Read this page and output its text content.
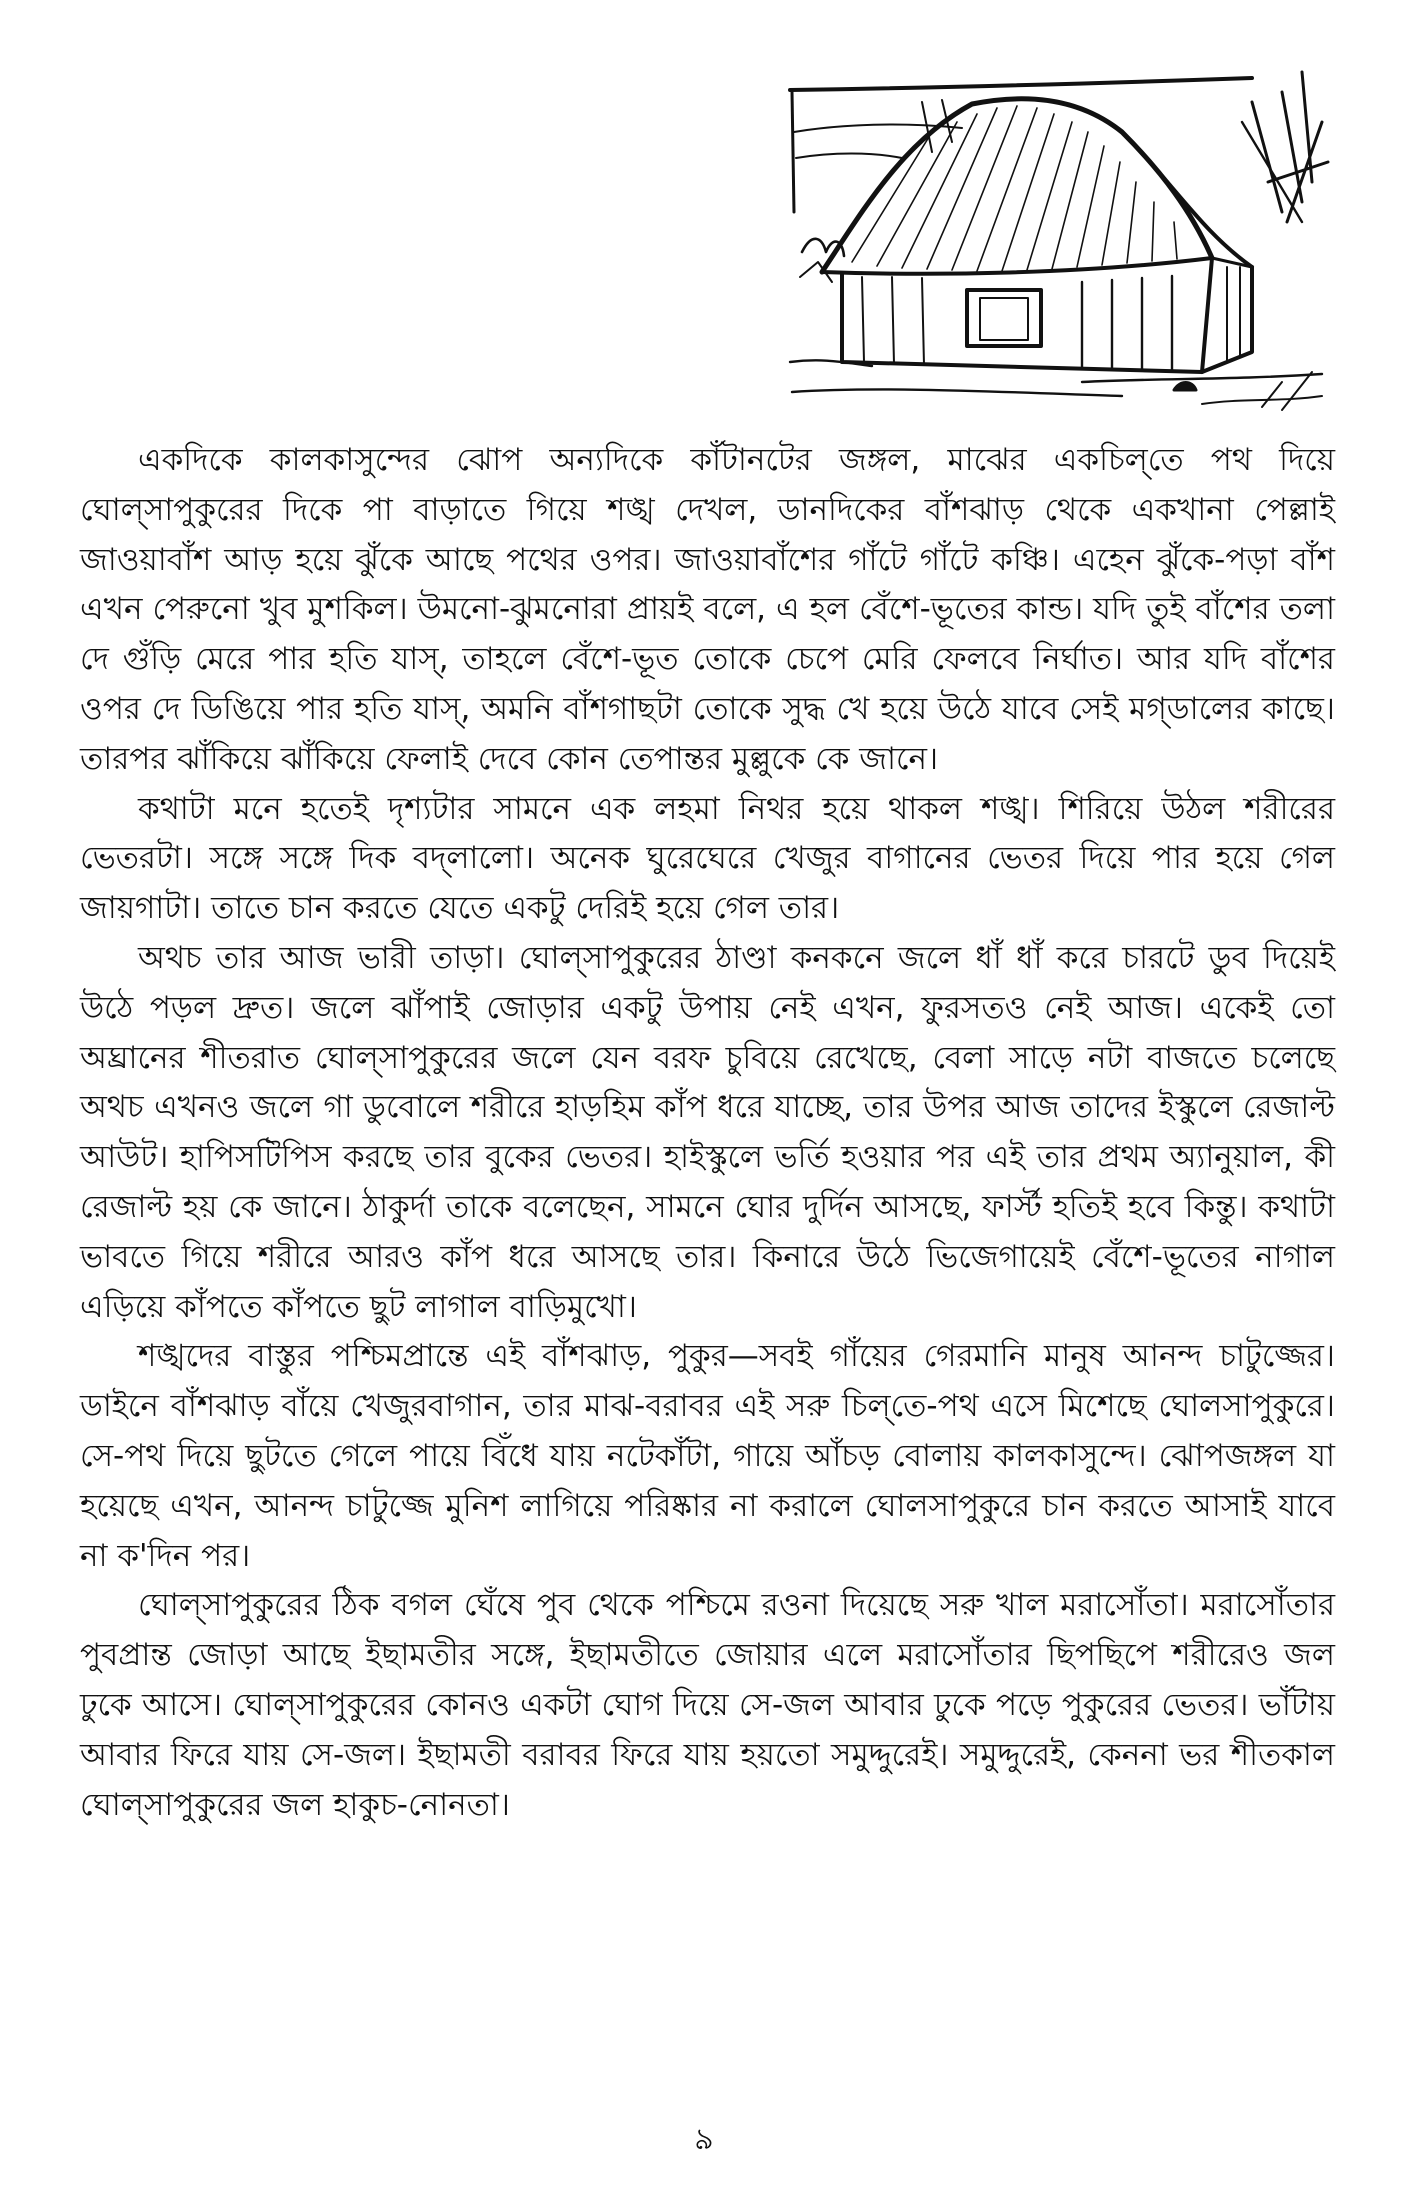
একদিকে কালকাসুন্দের ঝোপ অন্যদিকে কাঁটানটের জঙ্গল, মাঝের একচিল্‌তে পথ দিয়ে ঘোল্‌সাপুকুরের দিকে পা বাড়াতে গিয়ে শঙ্খ দেখল, ডানদিকের বাঁশঝাড় থেকে একখানা পেল্লাই জাওয়াবাঁশ আড় হয়ে ঝুঁকে আছে পথের ওপর। জাওয়াবাঁশের গাঁটে গাঁটে কঞ্চি। এহেন ঝুঁকে-পড়া বাঁশ এখন পেরুনো খুব মুশকিল। উমনো-ঝুমনোরা প্রায়ই বলে, এ হল বেঁশে-ভূতের কান্ড। যদি তুই বাঁশের তলা দে গুঁড়ি মেরে পার হতি যাস্‌, তাহলে বেঁশে-ভূত তোকে চেপে মেরি ফেলবে নির্ঘাত। আর যদি বাঁশের ওপর দে ডিঙিয়ে পার হতি যাস্‌, অমনি বাঁশগাছটা তোকে সুদ্ধ খে হয়ে উঠে যাবে সেই মগ্‌ডালের কাছে। তারপর ঝাঁকিয়ে ঝাঁকিয়ে ফেলাই দেবে কোন তেপান্তর মুল্লুকে কে জানে।

কথাটা মনে হতেই দৃশ্যটার সামনে এক লহমা নিথর হয়ে থাকল শঙ্খ। শিরিয়ে উঠল শরীরের ভেতরটা। সঙ্গে সঙ্গে দিক বদ্‌লালো। অনেক ঘুরেঘেরে খেজুর বাগানের ভেতর দিয়ে পার হয়ে গেল জায়গাটা। তাতে চান করতে যেতে একটু দেরিই হয়ে গেল তার।

অথচ তার আজ ভারী তাড়া। ঘোল্‌সাপুকুরের ঠাণ্ডা কনকনে জলে ধাঁ ধাঁ করে চারটে ডুব দিয়েই উঠে পড়ল দ্রুত। জলে ঝাঁপাই জোড়ার একটু উপায় নেই এখন, ফুরসতও নেই আজ। একেই তো অঘ্রানের শীতরাত ঘোল্‌সাপুকুরের জলে যেন বরফ চুবিয়ে রেখেছে, বেলা সাড়ে নটা বাজতে চলেছে অথচ এখনও জলে গা ডুবোলে শরীরে হাড়হিম কাঁপ ধরে যাচ্ছে, তার উপর আজ তাদের ইস্কুলে রেজাল্ট আউট। হাপিসটিপিস করছে তার বুকের ভেতর। হাইস্কুলে ভর্তি হওয়ার পর এই তার প্রথম অ্যানুয়াল, কী রেজাল্ট হয় কে জানে। ঠাকুর্দা তাকে বলেছেন, সামনে ঘোর দুর্দিন আসছে, ফার্স্ট হতিই হবে কিন্তু। কথাটা ভাবতে গিয়ে শরীরে আরও কাঁপ ধরে আসছে তার। কিনারে উঠে ভিজেগায়েই বেঁশে-ভূতের নাগাল এড়িয়ে কাঁপতে কাঁপতে ছুট লাগাল বাড়িমুখো।

শঙ্খদের বাস্তুর পশ্চিমপ্রান্তে এই বাঁশঝাড়, পুকুর—সবই গাঁয়ের গেরমানি মানুষ আনন্দ চাটুজ্জের। ডাইনে বাঁশঝাড় বাঁয়ে খেজুরবাগান, তার মাঝ-বরাবর এই সরু চিল্‌তে-পথ এসে মিশেছে ঘোলসাপুকুরে। সে-পথ দিয়ে ছুটতে গেলে পায়ে বিঁধে যায় নটেকাঁটা, গায়ে আঁচড় বোলায় কালকাসুন্দে। ঝোপজঙ্গল যা হয়েছে এখন, আনন্দ চাটুজ্জে মুনিশ লাগিয়ে পরিষ্কার না করালে ঘোলসাপুকুরে চান করতে আসাই যাবে না ক'দিন পর।

ঘোল্‌সাপুকুরের ঠিক বগল ঘেঁষে পুব থেকে পশ্চিমে রওনা দিয়েছে সরু খাল মরাসোঁতা। মরাসোঁতার পুবপ্রান্ত জোড়া আছে ইছামতীর সঙ্গে, ইছামতীতে জোয়ার এলে মরাসোঁতার ছিপছিপে শরীরেও জল ঢুকে আসে। ঘোল্‌সাপুকুরের কোনও একটা ঘোগ দিয়ে সে-জল আবার ঢুকে পড়ে পুকুরের ভেতর। ভাঁটায় আবার ফিরে যায় সে-জল। ইছামতী বরাবর ফিরে যায় হয়তো সমুদ্দুরেই। সমুদ্দুরেই, কেননা ভর শীতকাল ঘোল্‌সাপুকুরের জল হাকুচ-নোনতা।

৯
